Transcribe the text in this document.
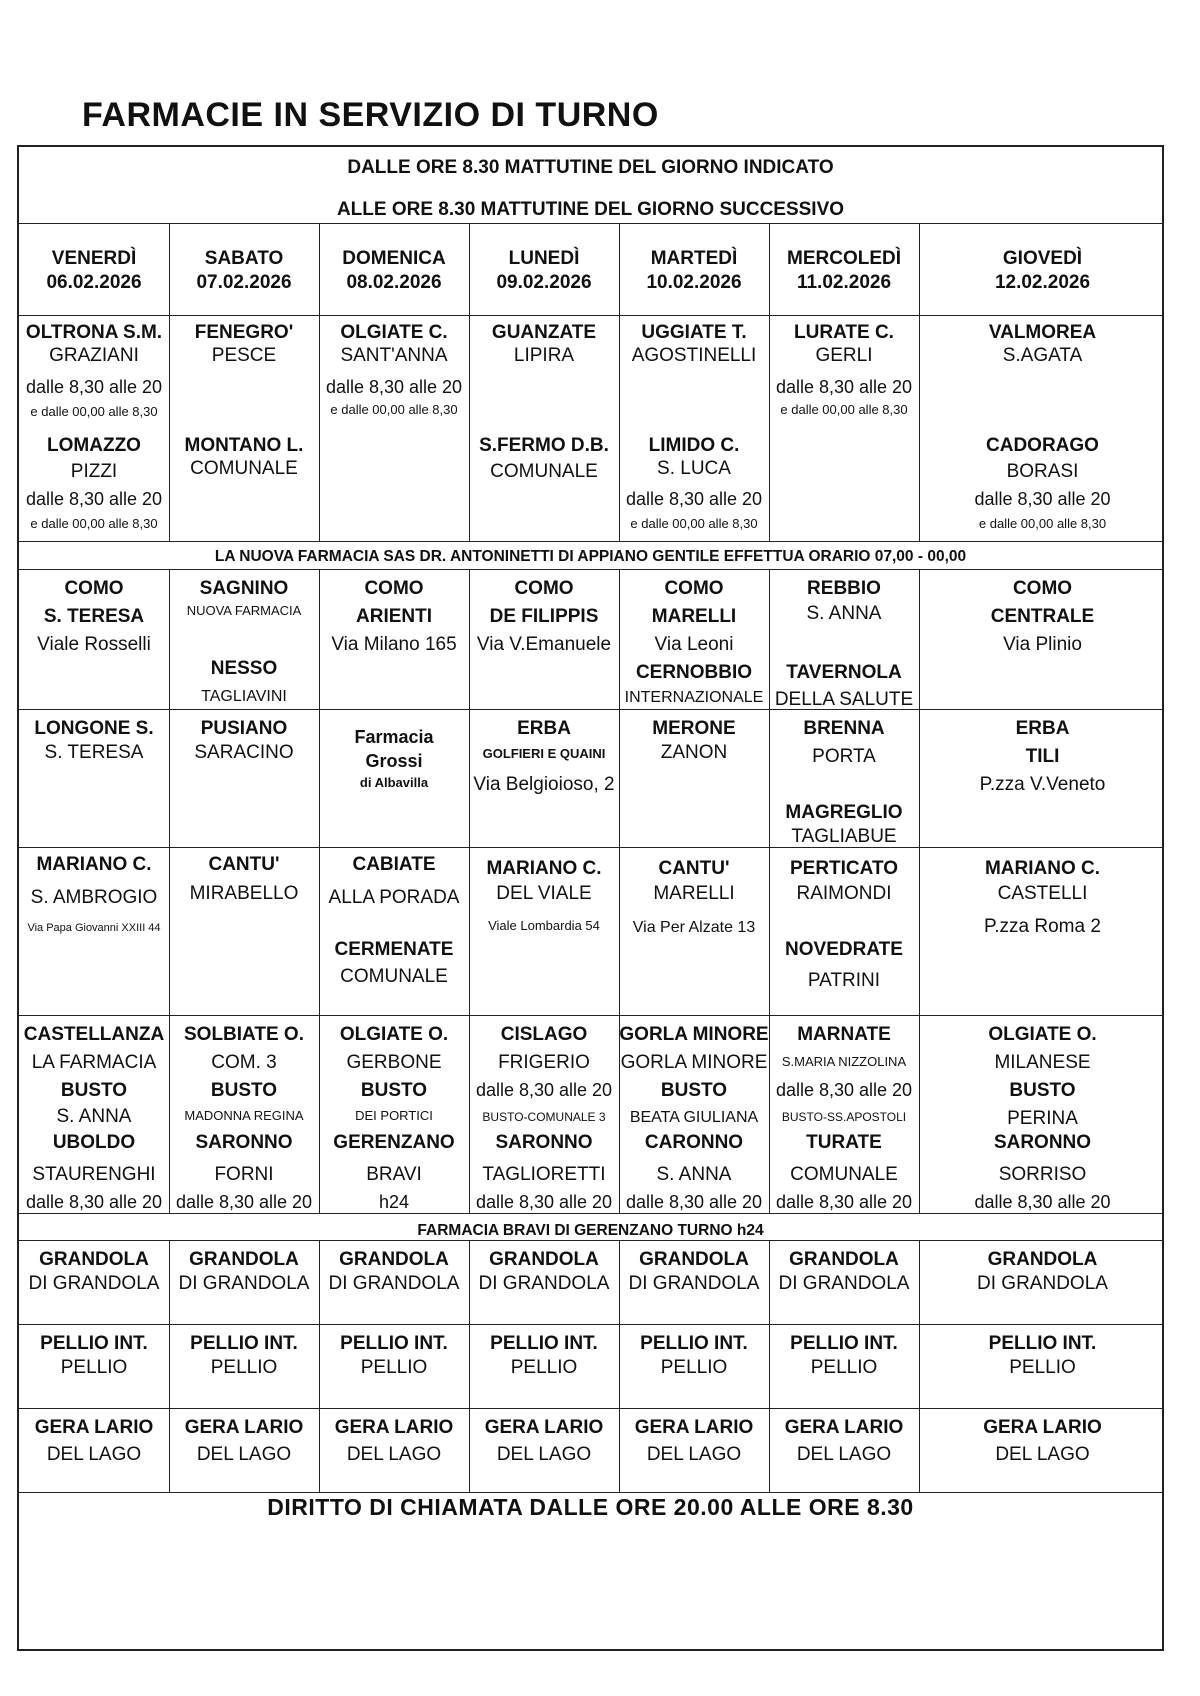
FARMACIE IN SERVIZIO DI TURNO
DALLE ORE 8.30 MATTUTINE DEL GIORNO INDICATO
ALLE ORE 8.30 MATTUTINE DEL GIORNO SUCCESSIVO
LA NUOVA FARMACIA SAS DR. ANTONINETTI DI APPIANO GENTILE EFFETTUA ORARIO 07,00 - 00,00
FARMACIA BRAVI DI GERENZANO TURNO h24
DIRITTO DI CHIAMATA DALLE ORE 20.00 ALLE ORE 8.30
VENERDÌ
06.02.2026
SABATO
07.02.2026
DOMENICA
08.02.2026
LUNEDÌ
09.02.2026
MARTEDÌ
10.02.2026
MERCOLEDÌ
11.02.2026
GIOVEDÌ
12.02.2026
OLTRONA S.M.
GRAZIANI
dalle 8,30 alle 20
e dalle 00,00 alle 8,30
LOMAZZO
PIZZI
dalle 8,30 alle 20
e dalle 00,00 alle 8,30
FENEGRO'
PESCE
MONTANO L.
COMUNALE
OLGIATE C.
SANT'ANNA
dalle 8,30 alle 20
e dalle 00,00 alle 8,30
GUANZATE
LIPIRA
S.FERMO D.B.
COMUNALE
UGGIATE T.
AGOSTINELLI
LIMIDO C.
S. LUCA
dalle 8,30 alle 20
e dalle 00,00 alle 8,30
LURATE C.
GERLI
dalle 8,30 alle 20
e dalle 00,00 alle 8,30
VALMOREA
S.AGATA
CADORAGO
BORASI
dalle 8,30 alle 20
e dalle 00,00 alle 8,30
COMO
S. TERESA
Viale Rosselli
SAGNINO
NUOVA FARMACIA
NESSO
TAGLIAVINI
COMO
ARIENTI
Via Milano 165
COMO
DE FILIPPIS
Via V.Emanuele
COMO
MARELLI
Via Leoni
CERNOBBIO
INTERNAZIONALE
REBBIO
S. ANNA
TAVERNOLA
DELLA SALUTE
COMO
CENTRALE
Via Plinio
LONGONE S.
S. TERESA
PUSIANO
SARACINO
Farmacia
Grossi
di Albavilla
ERBA
GOLFIERI E QUAINI
Via Belgioioso, 2
MERONE
ZANON
BRENNA
PORTA
MAGREGLIO
TAGLIABUE
ERBA
TILI
P.zza V.Veneto
MARIANO C.
S. AMBROGIO
Via Papa Giovanni XXIII 44
CANTU'
MIRABELLO
CABIATE
ALLA PORADA
CERMENATE
COMUNALE
MARIANO C.
DEL VIALE
Viale Lombardia 54
CANTU'
MARELLI
Via Per Alzate 13
PERTICATO
RAIMONDI
NOVEDRATE
PATRINI
MARIANO C.
CASTELLI
P.zza Roma 2
CASTELLANZA
LA FARMACIA
BUSTO
S. ANNA
UBOLDO
STAURENGHI
dalle 8,30 alle 20
SOLBIATE O.
COM. 3
BUSTO
MADONNA REGINA
SARONNO
FORNI
dalle 8,30 alle 20
OLGIATE O.
GERBONE
BUSTO
DEI PORTICI
GERENZANO
BRAVI
h24
CISLAGO
FRIGERIO
dalle 8,30 alle 20
BUSTO-COMUNALE 3
SARONNO
TAGLIORETTI
dalle 8,30 alle 20
GORLA MINORE
GORLA MINORE
BUSTO
BEATA GIULIANA
CARONNO
S. ANNA
dalle 8,30 alle 20
MARNATE
S.MARIA NIZZOLINA
dalle 8,30 alle 20
BUSTO-SS.APOSTOLI
TURATE
COMUNALE
dalle 8,30 alle 20
OLGIATE O.
MILANESE
BUSTO
PERINA
SARONNO
SORRISO
dalle 8,30 alle 20
GRANDOLA
DI GRANDOLA
GRANDOLA
DI GRANDOLA
GRANDOLA
DI GRANDOLA
GRANDOLA
DI GRANDOLA
GRANDOLA
DI GRANDOLA
GRANDOLA
DI GRANDOLA
GRANDOLA
DI GRANDOLA
PELLIO INT.
PELLIO
PELLIO INT.
PELLIO
PELLIO INT.
PELLIO
PELLIO INT.
PELLIO
PELLIO INT.
PELLIO
PELLIO INT.
PELLIO
PELLIO INT.
PELLIO
GERA LARIO
DEL LAGO
GERA LARIO
DEL LAGO
GERA LARIO
DEL LAGO
GERA LARIO
DEL LAGO
GERA LARIO
DEL LAGO
GERA LARIO
DEL LAGO
GERA LARIO
DEL LAGO
